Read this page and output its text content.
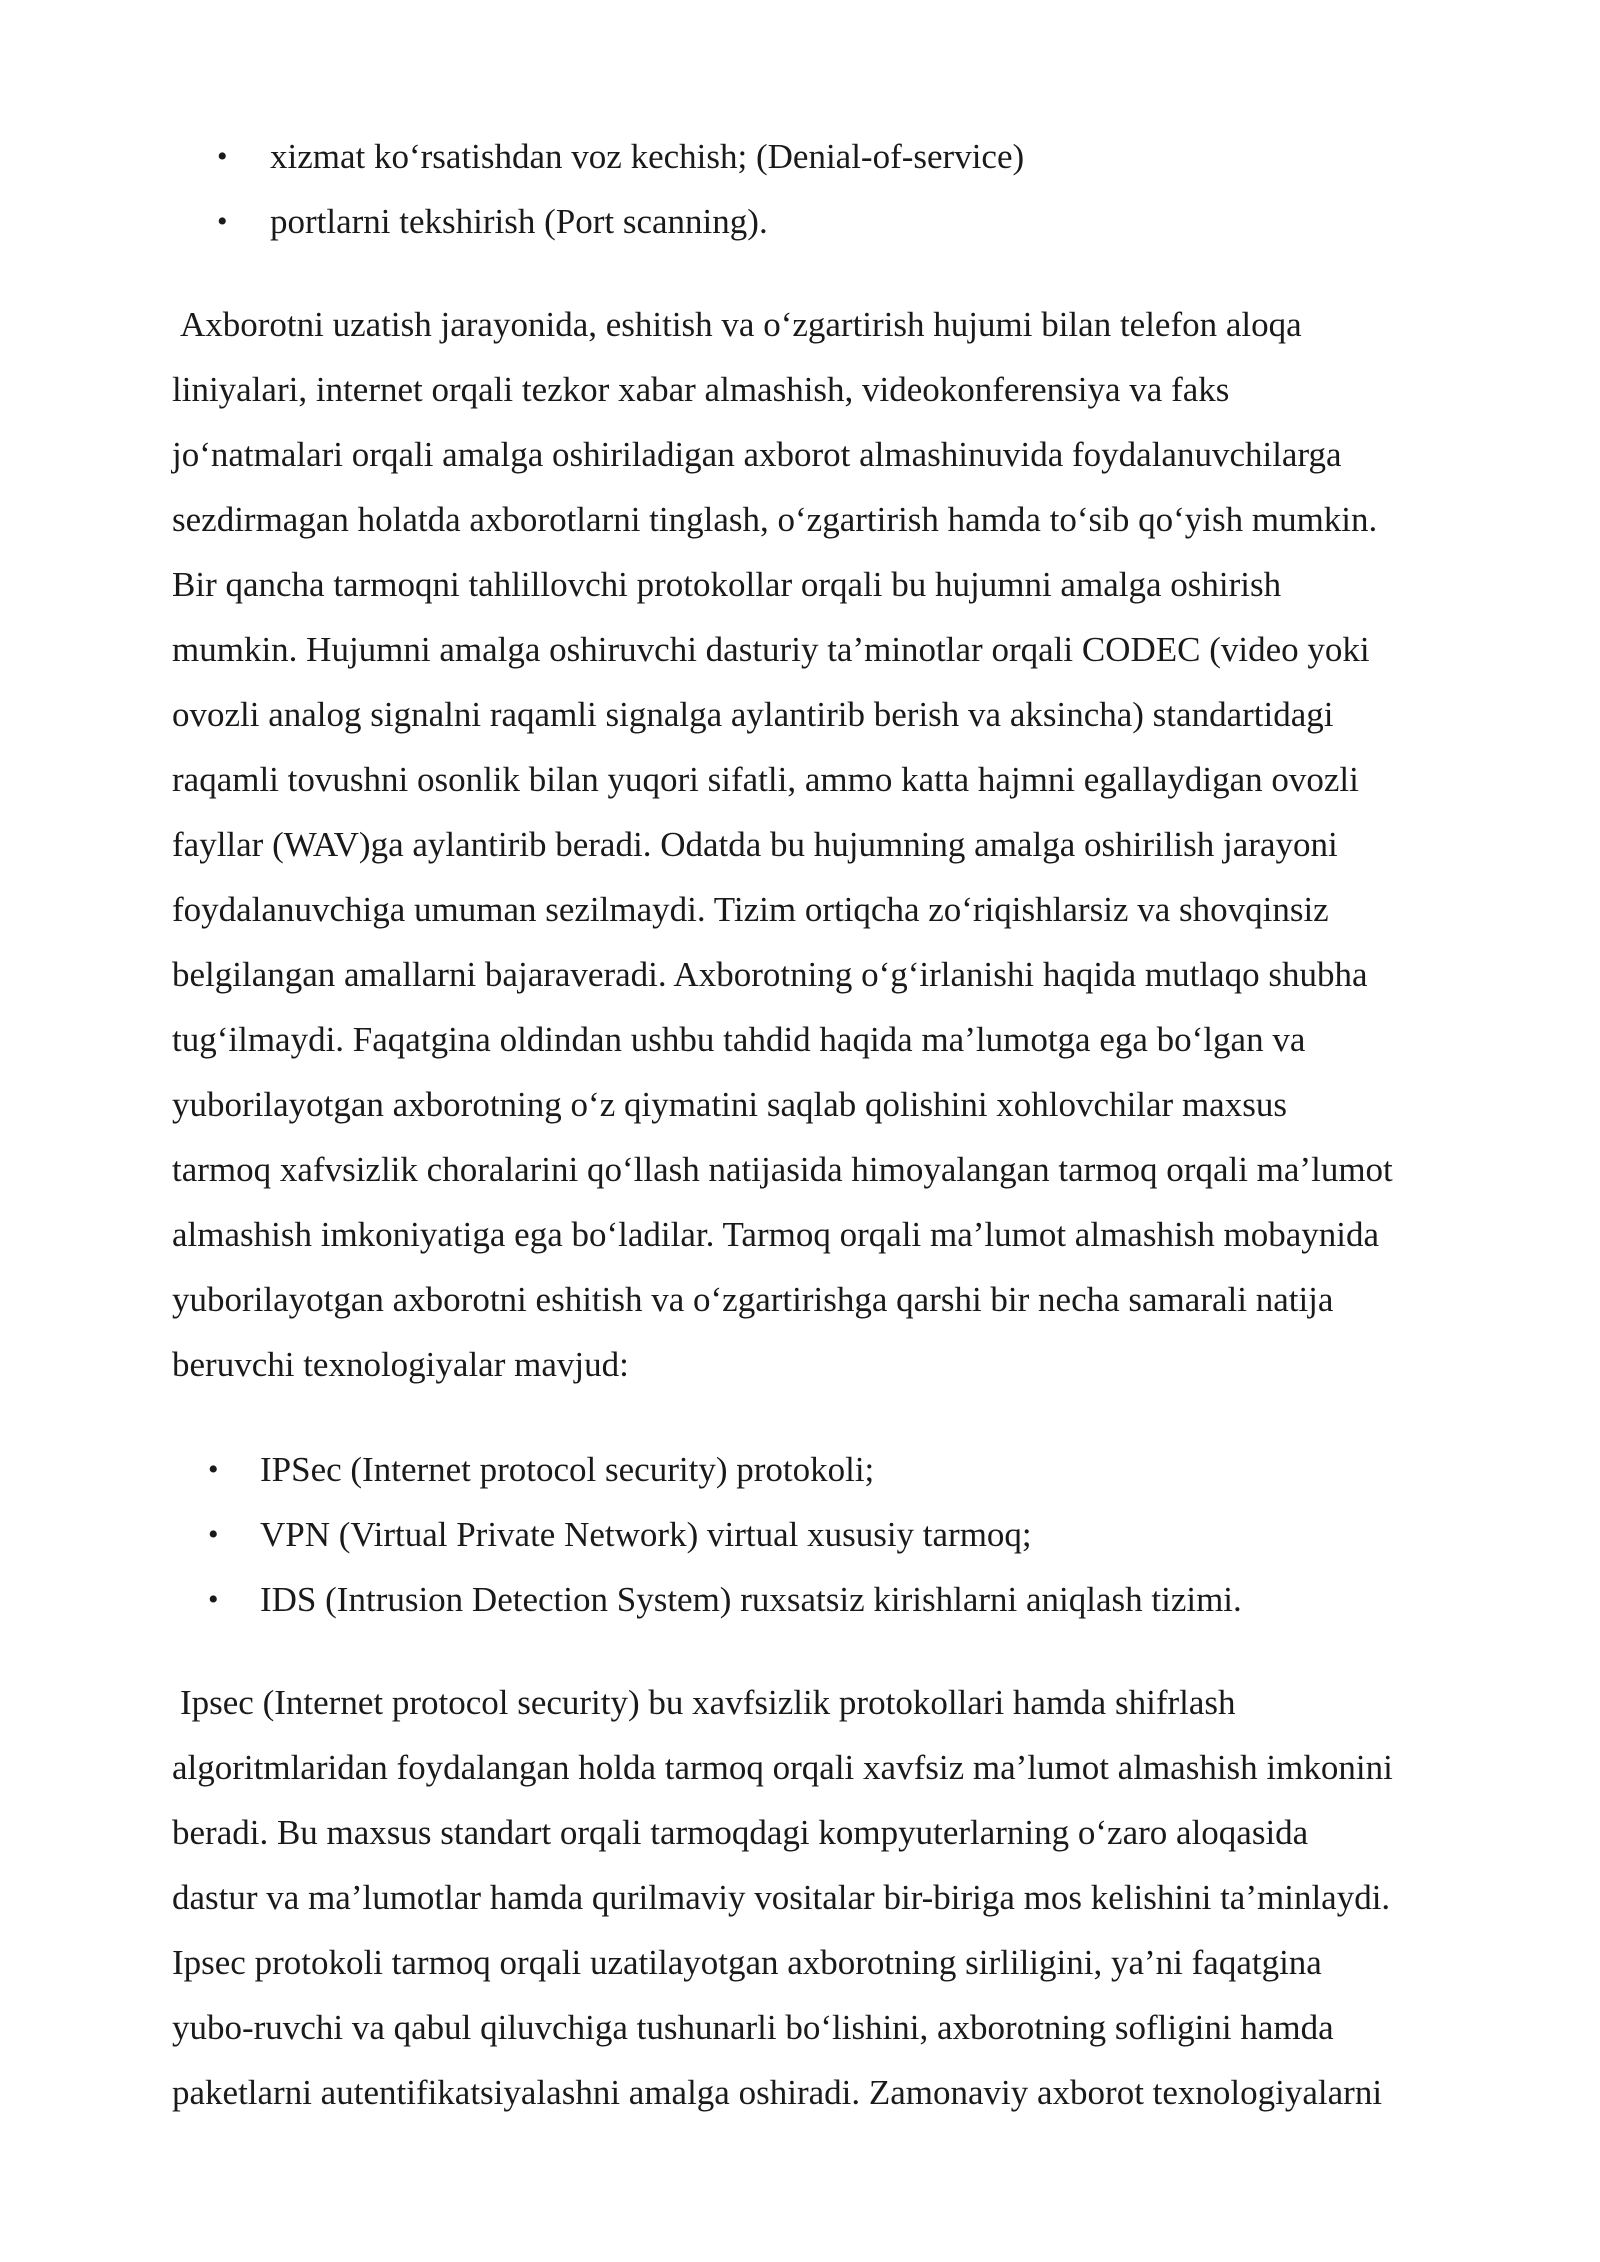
• xizmat ko‘rsatishdan voz kechish; (Denial-of-service)
• portlarni tekshirish (Port scanning).

Axborotni uzatish jarayonida, eshitish va o‘zgartirish hujumi bilan telefon aloqa
liniyalari, internet orqali tezkor xabar almashish, videokonferensiya va faks
jo‘natmalari orqali amalga oshiriladigan axborot almashinuvida foydalanuvchilarga
sezdirmagan holatda axborotlarni tinglash, o‘zgartirish hamda to‘sib qo‘yish mumkin.
Bir qancha tarmoqni tahlillovchi protokollar orqali bu hujumni amalga oshirish
mumkin. Hujumni amalga oshiruvchi dasturiy ta’minotlar orqali CODEC (video yoki
ovozli analog signalni raqamli signalga aylantirib berish va aksincha) standartidagi
raqamli tovushni osonlik bilan yuqori sifatli, ammo katta hajmni egallaydigan ovozli
fayllar (WAV)ga aylantirib beradi. Odatda bu hujumning amalga oshirilish jarayoni
foydalanuvchiga umuman sezilmaydi. Tizim ortiqcha zo‘riqishlarsiz va shovqinsiz
belgilangan amallarni bajaraveradi. Axborotning o‘g‘irlanishi haqida mutlaqo shubha
tug‘ilmaydi. Faqatgina oldindan ushbu tahdid haqida ma’lumotga ega bo‘lgan va
yuborilayotgan axborotning o‘z qiymatini saqlab qolishini xohlovchilar maxsus
tarmoq xafvsizlik choralarini qo‘llash natijasida himoyalangan tarmoq orqali ma’lumot
almashish imkoniyatiga ega bo‘ladilar. Tarmoq orqali ma’lumot almashish mobaynida
yuborilayotgan axborotni eshitish va o‘zgartirishga qarshi bir necha samarali natija
beruvchi texnologiyalar mavjud:

• IPSec (Internet protocol security) protokoli;
• VPN (Virtual Private Network) virtual xususiy tarmoq;
• IDS (Intrusion Detection System) ruxsatsiz kirishlarni aniqlash tizimi.

Ipsec (Internet protocol security) bu xavfsizlik protokollari hamda shifrlash
algoritmlaridan foydalangan holda tarmoq orqali xavfsiz ma’lumot almashish imkonini
beradi. Bu maxsus standart orqali tarmoqdagi kompyuterlarning o‘zaro aloqasida
dastur va ma’lumotlar hamda qurilmaviy vositalar bir-biriga mos kelishini ta’minlaydi.
Ipsec protokoli tarmoq orqali uzatilayotgan axborotning sirliligini, ya’ni faqatgina
yubo-ruvchi va qabul qiluvchiga tushunarli bo‘lishini, axborotning sofligini hamda
paketlarni autentifikatsiyalashni amalga oshiradi. Zamonaviy axborot texnologiyalarni
